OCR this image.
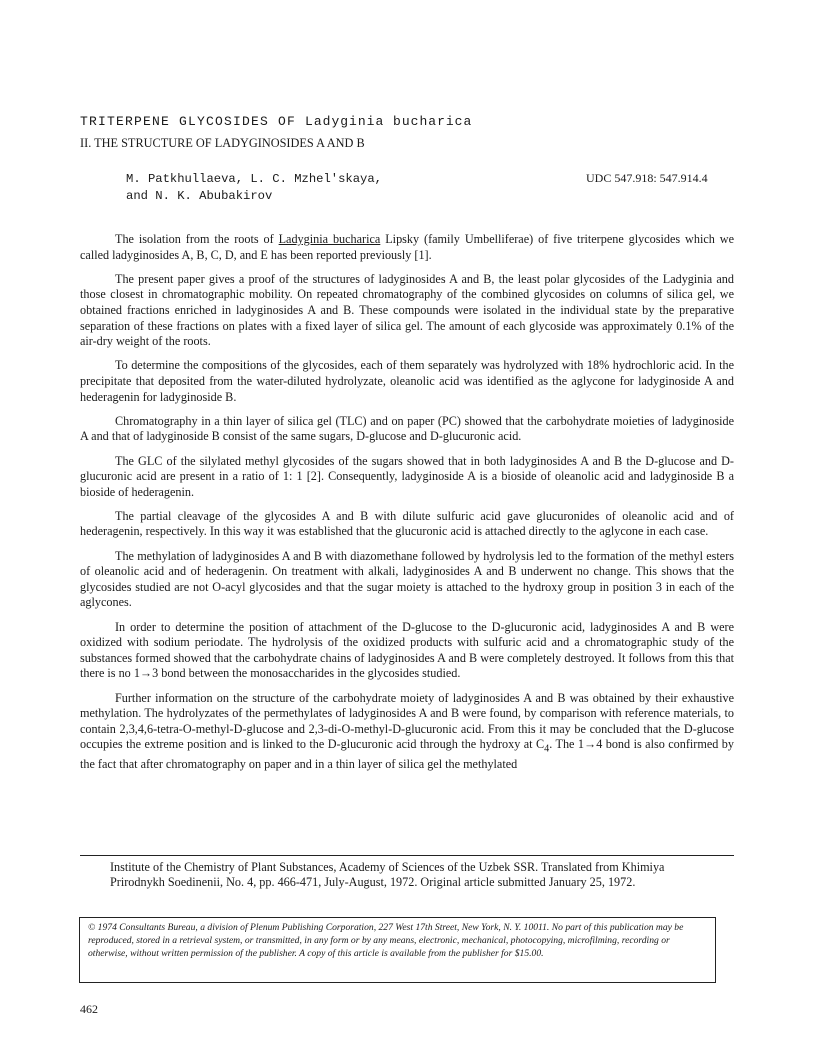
TRITERPENE GLYCOSIDES OF Ladyginia bucharica
II. THE STRUCTURE OF LADYGINOSIDES A AND B
M. Patkhullaeva, L. C. Mzhel'skaya,
and N. K. Abubakirov
UDC 547.918: 547.914.4

The isolation from the roots of Ladyginia bucharica Lipsky (family Umbelliferae) of five triterpene glycosides which we called ladyginosides A, B, C, D, and E has been reported previously [1].

The present paper gives a proof of the structures of ladyginosides A and B, the least polar glycosides of the Ladyginia and those closest in chromatographic mobility. On repeated chromatography of the combined glycosides on columns of silica gel, we obtained fractions enriched in ladyginosides A and B. These compounds were isolated in the individual state by the preparative separation of these fractions on plates with a fixed layer of silica gel. The amount of each glycoside was approximately 0.1% of the air-dry weight of the roots.

To determine the compositions of the glycosides, each of them separately was hydrolyzed with 18% hydrochloric acid. In the precipitate that deposited from the water-diluted hydrolyzate, oleanolic acid was identified as the aglycone for ladyginoside A and hederagenin for ladyginoside B.

Chromatography in a thin layer of silica gel (TLC) and on paper (PC) showed that the carbohydrate moieties of ladyginoside A and that of ladyginoside B consist of the same sugars, D-glucose and D-glucuronic acid.

The GLC of the silylated methyl glycosides of the sugars showed that in both ladyginosides A and B the D-glucose and D-glucuronic acid are present in a ratio of 1: 1 [2]. Consequently, ladyginoside A is a bioside of oleanolic acid and ladyginoside B a bioside of hederagenin.

The partial cleavage of the glycosides A and B with dilute sulfuric acid gave glucuronides of oleanolic acid and of hederagenin, respectively. In this way it was established that the glucuronic acid is attached directly to the aglycone in each case.

The methylation of ladyginosides A and B with diazomethane followed by hydrolysis led to the formation of the methyl esters of oleanolic acid and of hederagenin. On treatment with alkali, ladyginosides A and B underwent no change. This shows that the glycosides studied are not O-acyl glycosides and that the sugar moiety is attached to the hydroxy group in position 3 in each of the aglycones.

In order to determine the position of attachment of the D-glucose to the D-glucuronic acid, ladyginosides A and B were oxidized with sodium periodate. The hydrolysis of the oxidized products with sulfuric acid and a chromatographic study of the substances formed showed that the carbohydrate chains of ladyginosides A and B were completely destroyed. It follows from this that there is no 1→3 bond between the monosaccharides in the glycosides studied.

Further information on the structure of the carbohydrate moiety of ladyginosides A and B was obtained by their exhaustive methylation. The hydrolyzates of the permethylates of ladyginosides A and B were found, by comparison with reference materials, to contain 2,3,4,6-tetra-O-methyl-D-glucose and 2,3-di-O-methyl-D-glucuronic acid. From this it may be concluded that the D-glucose occupies the extreme position and is linked to the D-glucuronic acid through the hydroxy at $C_4$. The 1→4 bond is also confirmed by the fact that after chromatography on paper and in a thin layer of silica gel the methylated

Institute of the Chemistry of Plant Substances, Academy of Sciences of the Uzbek SSR. Translated from Khimiya Prirodnykh Soedinenii, No. 4, pp. 466-471, July-August, 1972. Original article submitted January 25, 1972.
© 1974 Consultants Bureau, a division of Plenum Publishing Corporation, 227 West 17th Street, New York, N. Y. 10011. No part of this publication may be reproduced, stored in a retrieval system, or transmitted, in any form or by any means, electronic, mechanical, photocopying, microfilming, recording or otherwise, without written permission of the publisher. A copy of this article is available from the publisher for $15.00.
462
